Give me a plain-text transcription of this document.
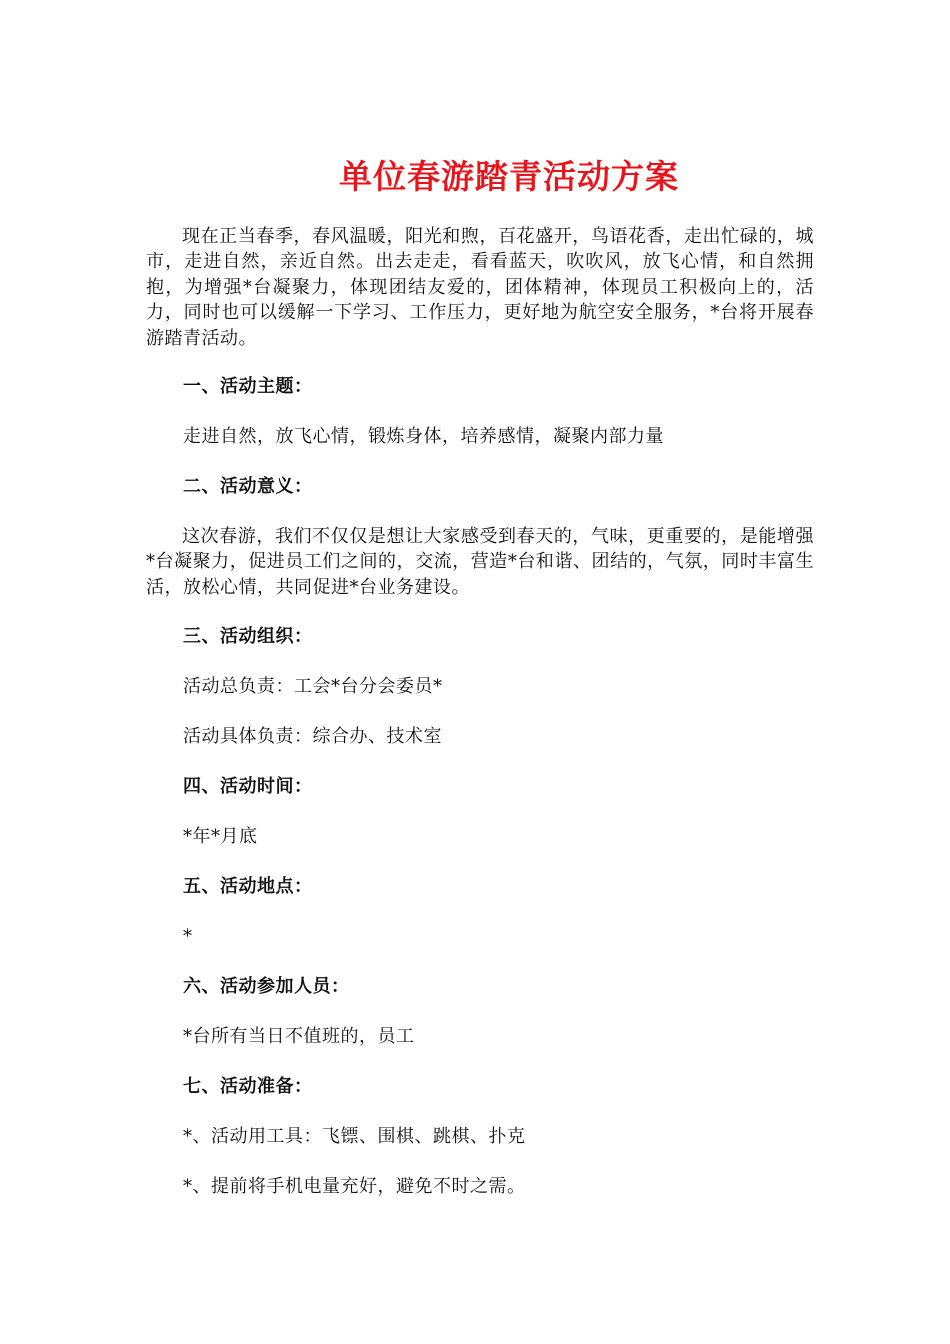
单位春游踏青活动方案
现在正当春季，春风温暖，阳光和煦，百花盛开，鸟语花香，走出忙碌的，城市，走进自然，亲近自然。出去走走，看看蓝天，吹吹风，放飞心情，和自然拥抱，为增强*台凝聚力，体现团结友爱的，团体精神，体现员工积极向上的，活力，同时也可以缓解一下学习、工作压力，更好地为航空安全服务，*台将开展春游踏青活动。
一、活动主题：
走进自然，放飞心情，锻炼身体，培养感情，凝聚内部力量
二、活动意义：
这次春游，我们不仅仅是想让大家感受到春天的，气味，更重要的，是能增强*台凝聚力，促进员工们之间的，交流，营造*台和谐、团结的，气氛，同时丰富生活，放松心情，共同促进*台业务建设。
三、活动组织：
活动总负责：工会*台分会委员*
活动具体负责：综合办、技术室
四、活动时间：
*年*月底
五、活动地点：
*
六、活动参加人员：
*台所有当日不值班的，员工
七、活动准备：
*、活动用工具：飞镖、围棋、跳棋、扑克
*、提前将手机电量充好，避免不时之需。
